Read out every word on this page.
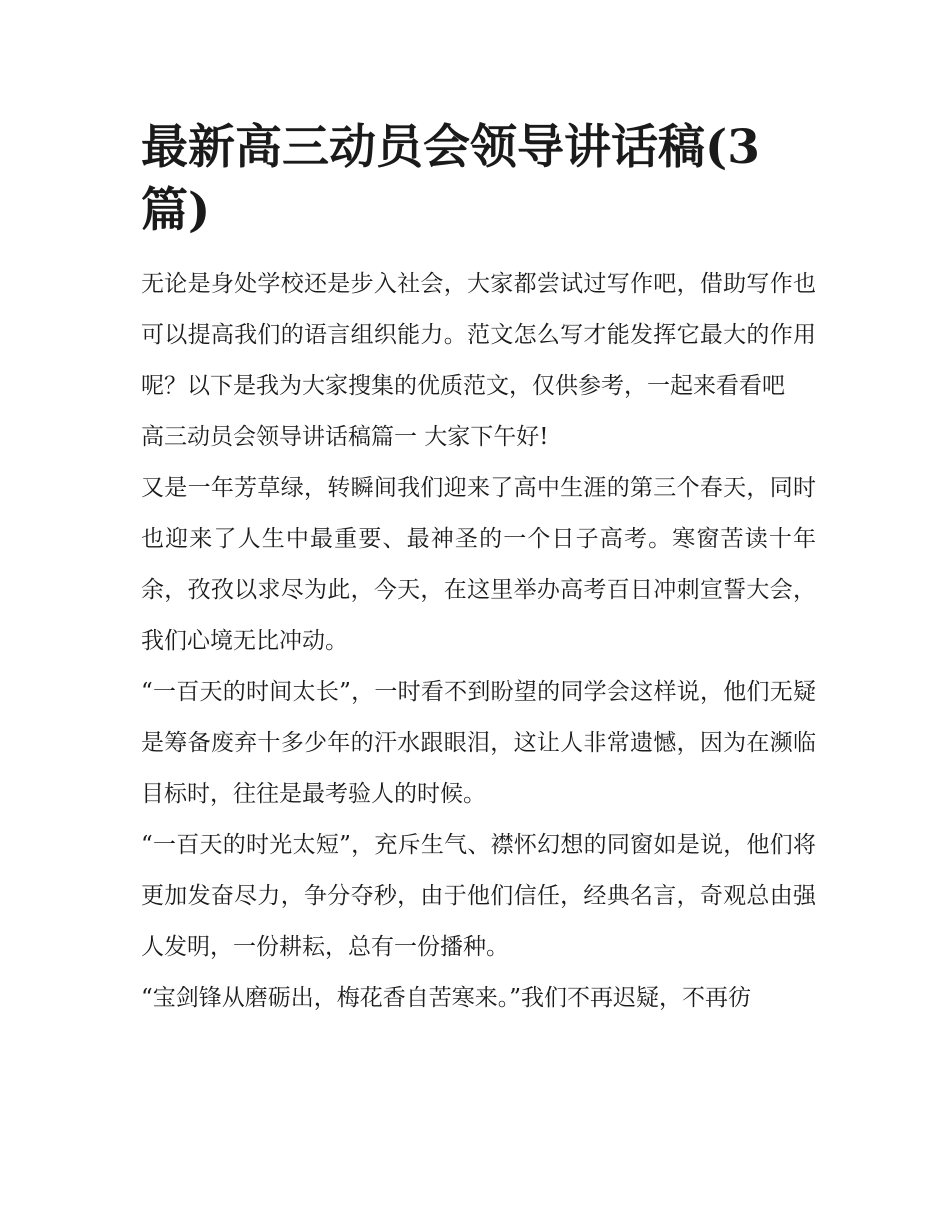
最新高三动员会领导讲话稿(3篇)

无论是身处学校还是步入社会，大家都尝试过写作吧，借助写作也可以提高我们的语言组织能力。范文怎么写才能发挥它最大的作用呢？以下是我为大家搜集的优质范文，仅供参考，一起来看看吧

高三动员会领导讲话稿篇一 大家下午好!

又是一年芳草绿，转瞬间我们迎来了高中生涯的第三个春天，同时也迎来了人生中最重要、最神圣的一个日子高考。寒窗苦读十年余，孜孜以求尽为此，今天，在这里举办高考百日冲刺宣誓大会，我们心境无比冲动。

“一百天的时间太长”，一时看不到盼望的同学会这样说，他们无疑是筹备废弃十多少年的汗水跟眼泪，这让人非常遗憾，因为在濒临目标时，往往是最考验人的时候。

“一百天的时光太短”，充斥生气、襟怀幻想的同窗如是说，他们将更加发奋尽力，争分夺秒，由于他们信任，经典名言，奇观总由强人发明，一份耕耘，总有一份播种。

“宝剑锋从磨砺出，梅花香自苦寒来。”我们不再迟疑，不再彷
